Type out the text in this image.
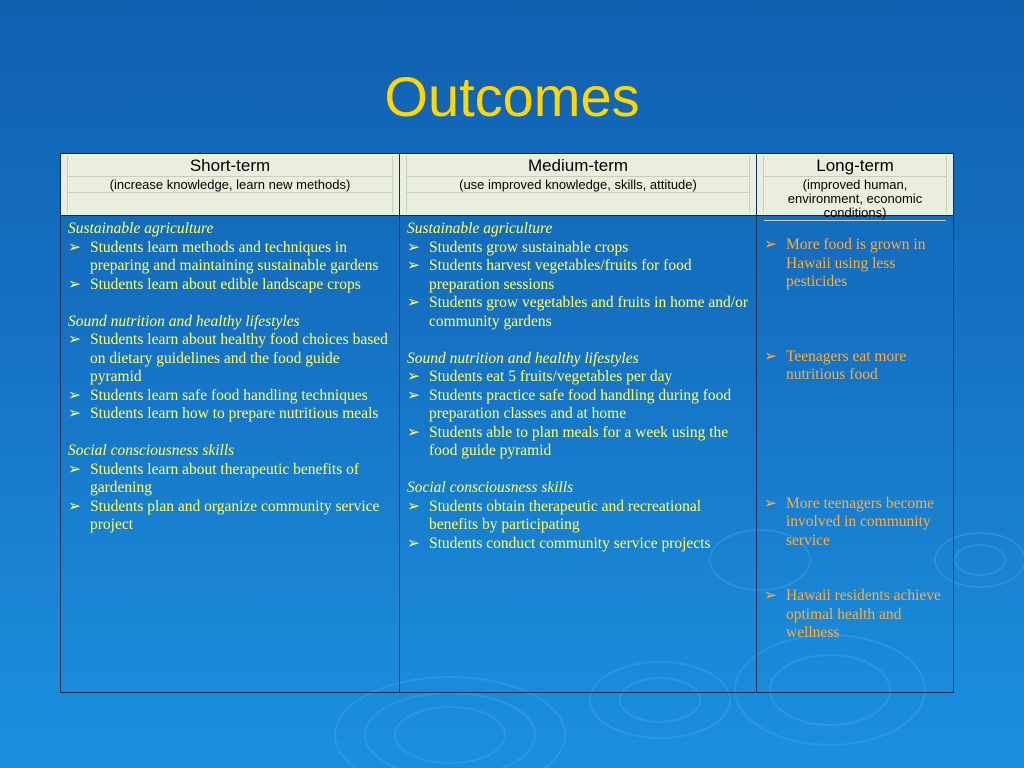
Outcomes
Short-term
(increase knowledge, learn new methods)

Sustainable agriculture

➢ Students learn methods and techniques in preparing and maintaining sustainable gardens
➢ Students learn about edible landscape crops

Sound nutrition and healthy lifestyles

➢ Students learn about healthy food choices based on dietary guidelines and the food guide pyramid
➢ Students learn safe food handling techniques
➢ Students learn how to prepare nutritious meals

Social consciousness skills

➢ Students learn about therapeutic benefits of gardening
➢ Students plan and organize community service project
Medium-term
(use improved knowledge, skills, attitude)

Sustainable agriculture

➢ Students grow sustainable crops
➢ Students harvest vegetables/fruits for food preparation sessions
➢ Students grow vegetables and fruits in home and/or community gardens

Sound nutrition and healthy lifestyles

➢ Students eat 5 fruits/vegetables per day
➢ Students practice safe food handling during food preparation classes and at home
➢ Students able to plan meals for a week using the food guide pyramid

Social consciousness skills

➢ Students obtain therapeutic and recreational benefits by participating
➢ Students conduct community service projects
Long-term
(improved human, environment, economic conditions)
➢ More food is grown in Hawaii using less pesticides
➢ Teenagers eat more nutritious food
➢ More teenagers become involved in community service
➢ Hawaii residents achieve optimal health and wellness
